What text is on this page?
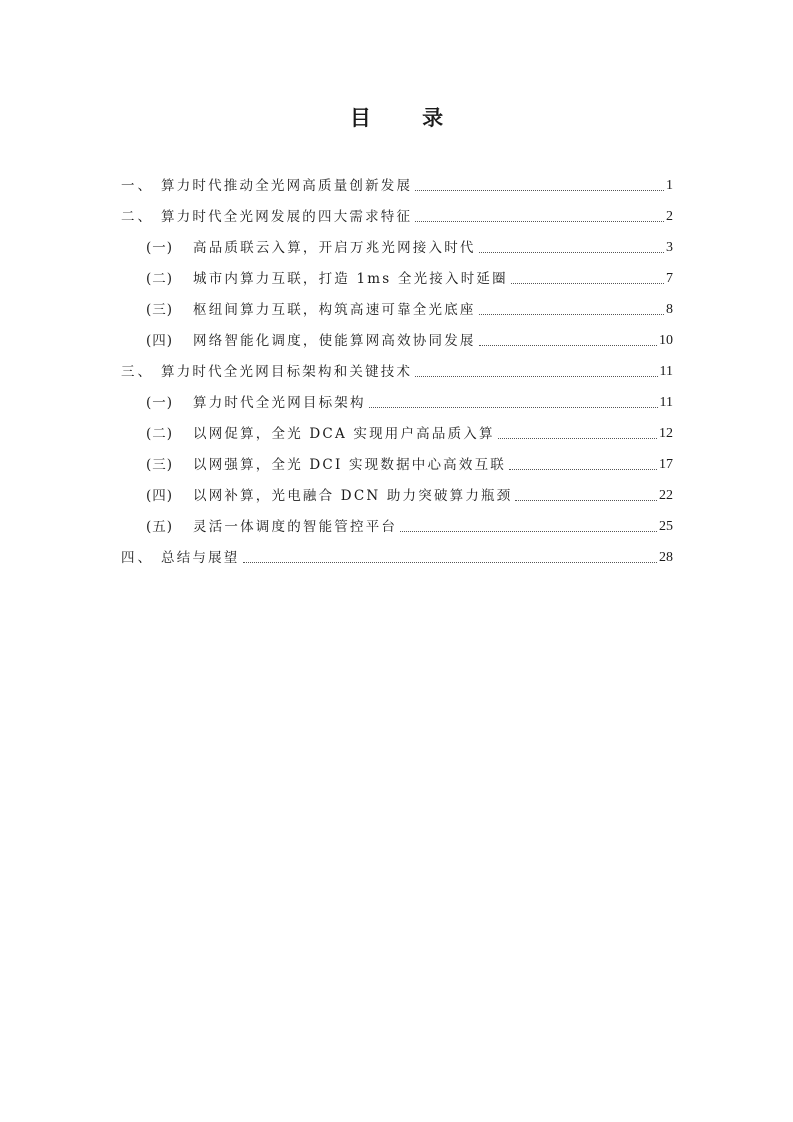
目 录
一、 算力时代推动全光网高质量创新发展	1
二、 算力时代全光网发展的四大需求特征	2
(一)	高品质联云入算，开启万兆光网接入时代	3
(二)	城市内算力互联，打造 1ms 全光接入时延圈	7
(三)	枢纽间算力互联，构筑高速可靠全光底座	8
(四)	网络智能化调度，使能算网高效协同发展	10
三、 算力时代全光网目标架构和关键技术	11
(一)	算力时代全光网目标架构	11
(二)	以网促算，全光 DCA 实现用户高品质入算	12
(三)	以网强算，全光 DCI 实现数据中心高效互联	17
(四)	以网补算，光电融合 DCN 助力突破算力瓶颈	22
(五)	灵活一体调度的智能管控平台	25
四、 总结与展望	28
